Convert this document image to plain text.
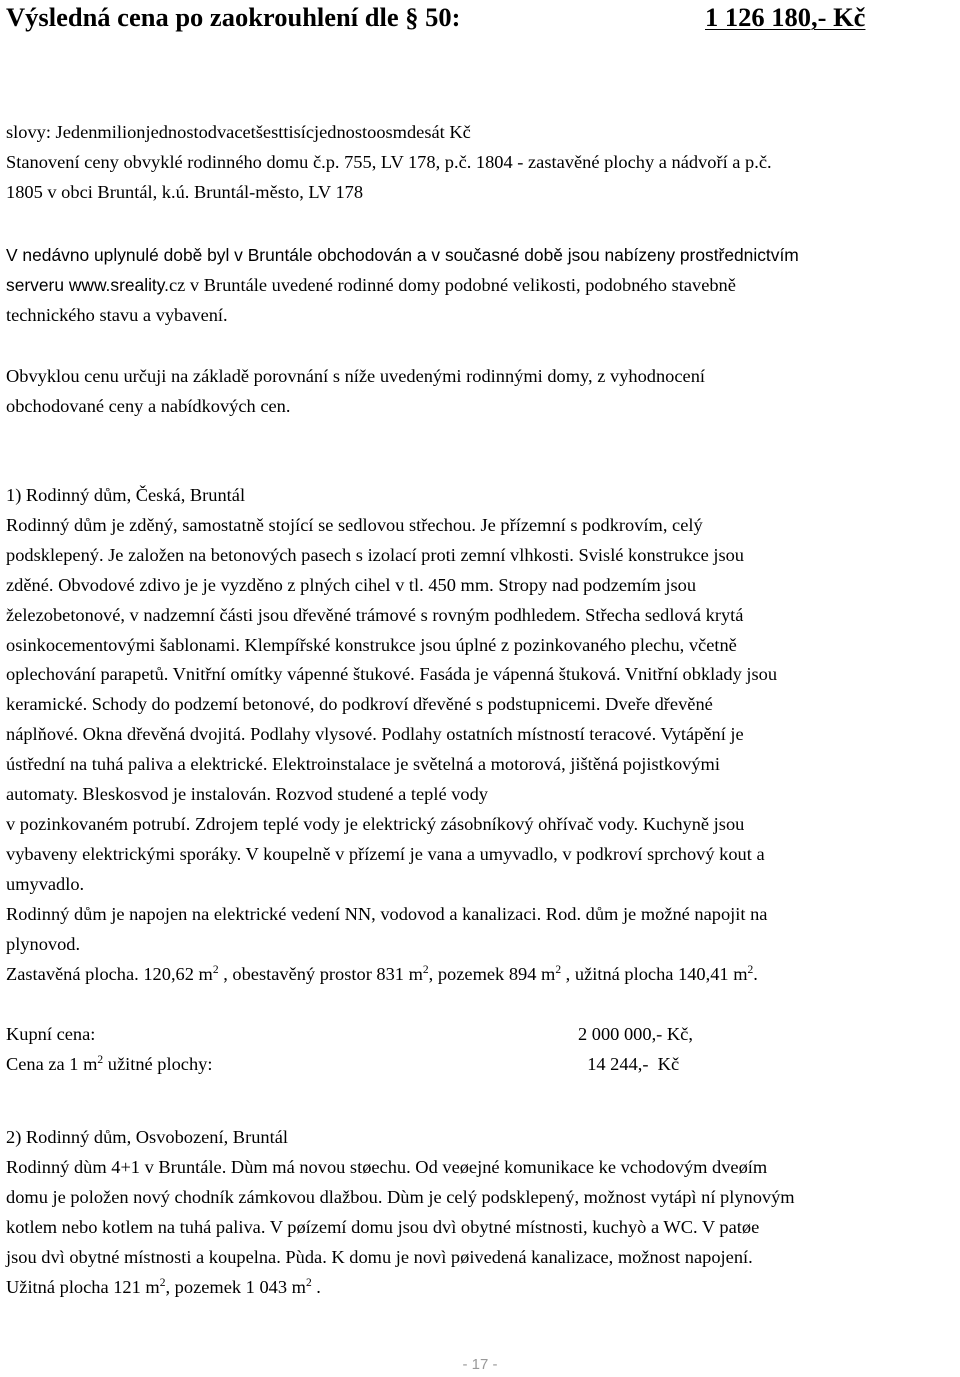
Výsledná cena po zaokrouhlení dle § 50:	1 126 180,- Kč

slovy: Jedenmilionjednostodvacetšesttisícjednostoosmdesát Kč

Stanovení ceny obvyklé rodinného domu č.p. 755, LV 178, p.č. 1804 - zastavěné plochy a nádvoří a p.č.

1805 v obci Bruntál, k.ú. Bruntál-město, LV 178

V nedávno uplynulé době byl v Bruntále obchodován a v současné době jsou nabízeny prostřednictvím

serveru www.sreality.cz v Bruntále uvedené rodinné domy podobné velikosti, podobného stavebně

technického stavu a vybavení.

Obvyklou cenu určuji na základě porovnání s níže uvedenými rodinnými domy, z vyhodnocení

obchodované ceny a nabídkových cen.

1) Rodinný dům, Česká, Bruntál

Rodinný dům je zděný, samostatně stojící se sedlovou střechou. Je přízemní s podkrovím, celý

podsklepený. Je založen na betonových pasech s izolací proti zemní vlhkosti. Svislé konstrukce jsou

zděné. Obvodové zdivo je je vyzděno z plných cihel v tl. 450 mm. Stropy nad podzemím jsou

železobetonové, v nadzemní části jsou dřevěné trámové s rovným podhledem. Střecha sedlová krytá

osinkocementovými šablonami. Klempířské konstrukce jsou úplné z pozinkovaného plechu, včetně

oplechování parapetů. Vnitřní omítky vápenné štukové. Fasáda je vápenná štuková. Vnitřní obklady jsou

keramické. Schody do podzemí betonové, do podkroví dřevěné s podstupnicemi. Dveře dřevěné

náplňové. Okna dřevěná dvojitá. Podlahy vlysové. Podlahy ostatních místností teracové. Vytápění je

ústřední na tuhá paliva a elektrické. Elektroinstalace je světelná a motorová, jištěná pojistkovými

automaty. Bleskosvod je instalován. Rozvod studené a teplé vody

v pozinkovaném potrubí. Zdrojem teplé vody je elektrický zásobníkový ohřívač vody. Kuchyně jsou

vybaveny elektrickými sporáky. V koupelně v přízemí je vana a umyvadlo, v podkroví sprchový kout a

umyvadlo.

Rodinný dům je napojen na elektrické vedení NN, vodovod a kanalizaci. Rod. dům je možné napojit na

plynovod.

Zastavěná plocha. 120,62 $m^2$ , obestavěný prostor 831 $m^2$, pozemek 894 $m^2$ , užitná plocha 140,41 $m^2$.

Kupní cena:	2 000 000,- Kč,
Cena za 1 $m^2$ užitné plochy:	14 244,-  Kč

2) Rodinný dům, Osvobození, Bruntál

Rodinný dùm 4+1 v Bruntále. Dùm má novou støechu. Od veøejné komunikace ke vchodovým dveøím

domu je položen nový chodník zámkovou dlažbou. Dùm je celý podsklepený, možnost vytápì ní plynovým

kotlem nebo kotlem na tuhá paliva. V pøízemí domu jsou dvì obytné místnosti, kuchyò a WC. V patøe

jsou dvì obytné místnosti a koupelna. Pùda. K domu je novì pøivedená kanalizace, možnost napojení.

Užitná plocha 121 $m^2$, pozemek 1 043 $m^2$ .

- 17 -
